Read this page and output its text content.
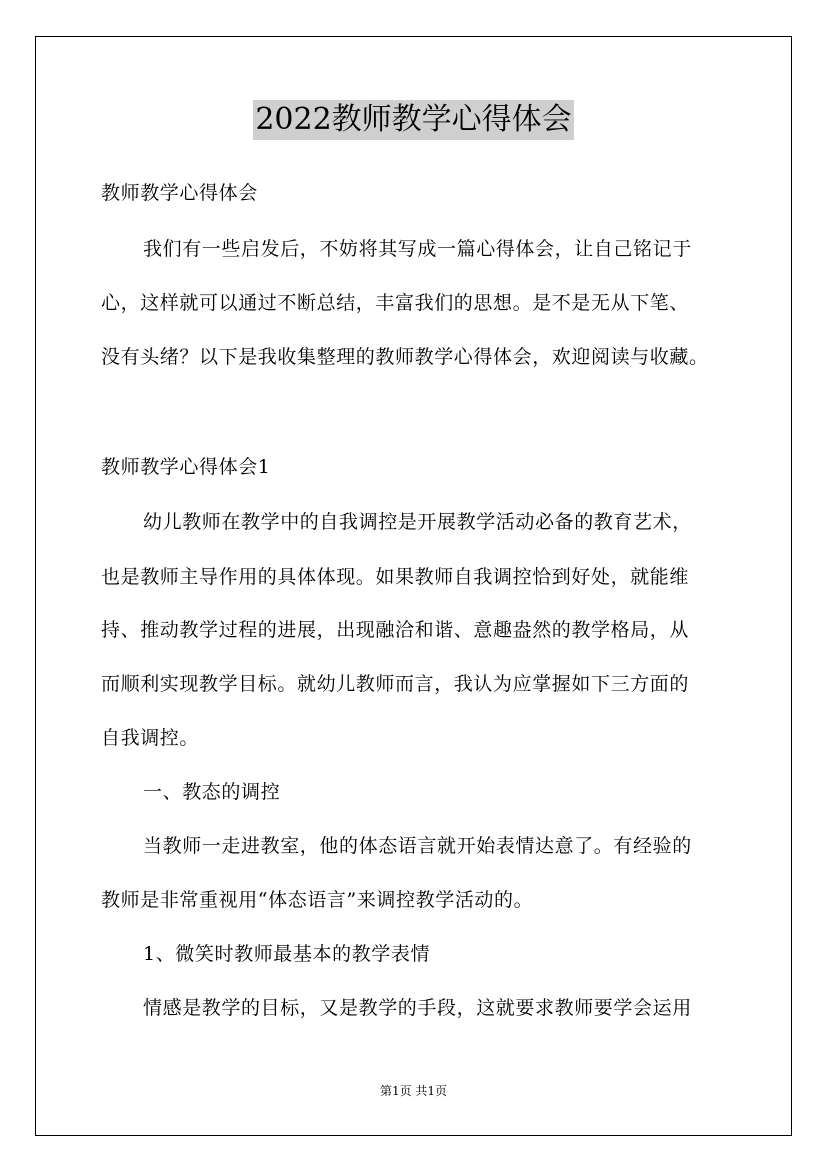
2022教师教学心得体会
教师教学心得体会
我们有一些启发后，不妨将其写成一篇心得体会，让自己铭记于
心，这样就可以通过不断总结，丰富我们的思想。是不是无从下笔、
没有头绪？以下是我收集整理的教师教学心得体会，欢迎阅读与收藏。
教师教学心得体会1
幼儿教师在教学中的自我调控是开展教学活动必备的教育艺术，
也是教师主导作用的具体体现。如果教师自我调控恰到好处，就能维
持、推动教学过程的进展，出现融洽和谐、意趣盎然的教学格局，从
而顺利实现教学目标。就幼儿教师而言，我认为应掌握如下三方面的
自我调控。
一、教态的调控
当教师一走进教室，他的体态语言就开始表情达意了。有经验的
教师是非常重视用“体态语言”来调控教学活动的。
1、微笑时教师最基本的教学表情
情感是教学的目标，又是教学的手段，这就要求教师要学会运用
第1页 共1页
